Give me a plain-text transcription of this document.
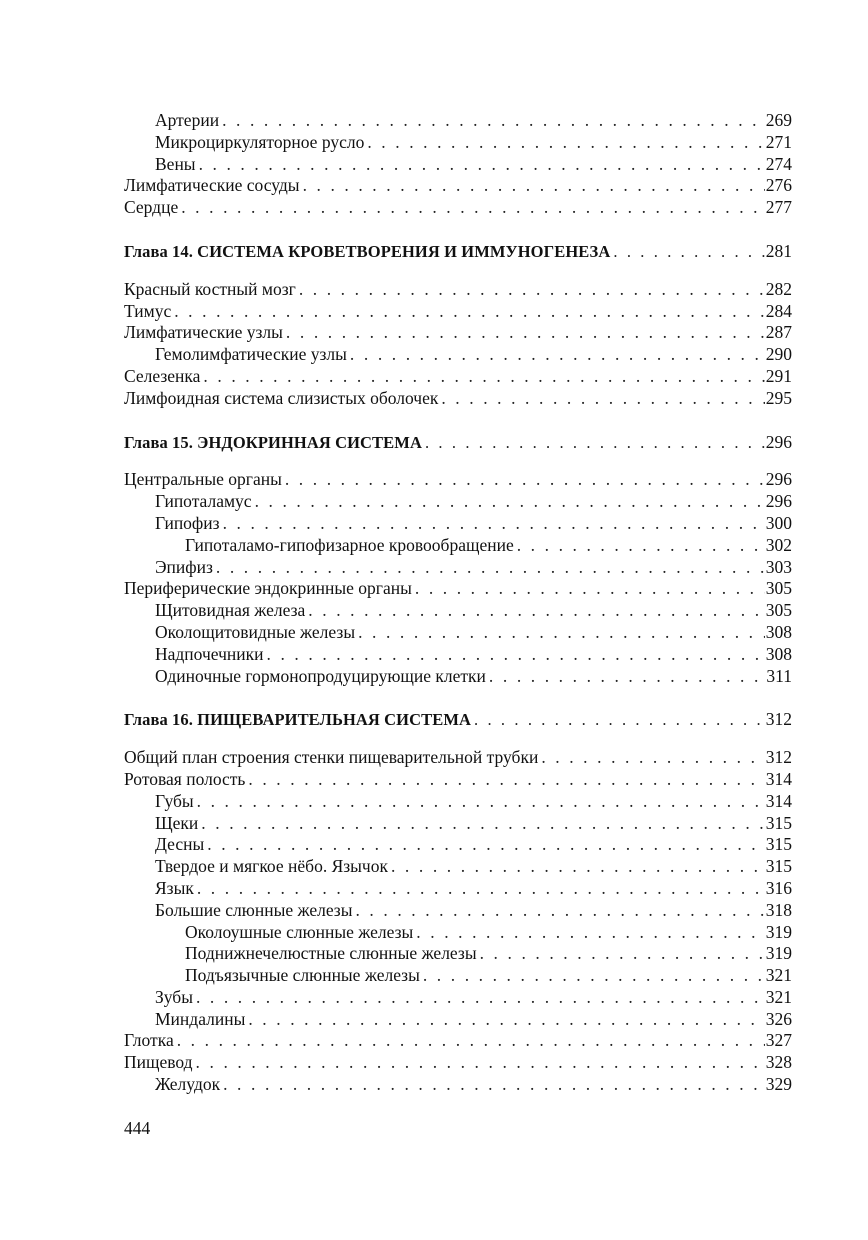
Артерии . . .	269
Микроциркуляторное русло . . .	271
Вены . . .	274
Лимфатические сосуды . . .	276
Сердце . . .	277
Глава 14. СИСТЕМА КРОВЕТВОРЕНИЯ И ИММУНОГЕНЕЗА . . .	281
Красный костный мозг . . .	282
Тимус . . .	284
Лимфатические узлы . . .	287
Гемолимфатические узлы . . .	290
Селезенка . . .	291
Лимфоидная система слизистых оболочек . . .	295
Глава 15. ЭНДОКРИННАЯ СИСТЕМА . . .	296
Центральные органы . . .	296
Гипоталамус . . .	296
Гипофиз . . .	300
Гипоталамо-гипофизарное кровообращение . . .	302
Эпифиз . . .	303
Периферические эндокринные органы . . .	305
Щитовидная железа . . .	305
Околощитовидные железы . . .	308
Надпочечники . . .	308
Одиночные гормонопродуцирующие клетки . . .	311
Глава 16. ПИЩЕВАРИТЕЛЬНАЯ СИСТЕМА . . .	312
Общий план строения стенки пищеварительной трубки . . .	312
Ротовая полость . . .	314
Губы . . .	314
Щеки . . .	315
Десны . . .	315
Твердое и мягкое нёбо. Язычок . . .	315
Язык . . .	316
Большие слюнные железы . . .	318
Околоушные слюнные железы . . .	319
Поднижнечелюстные слюнные железы . . .	319
Подъязычные слюнные железы . . .	321
Зубы . . .	321
Миндалины . . .	326
Глотка . . .	327
Пищевод . . .	328
Желудок . . .	329
444
